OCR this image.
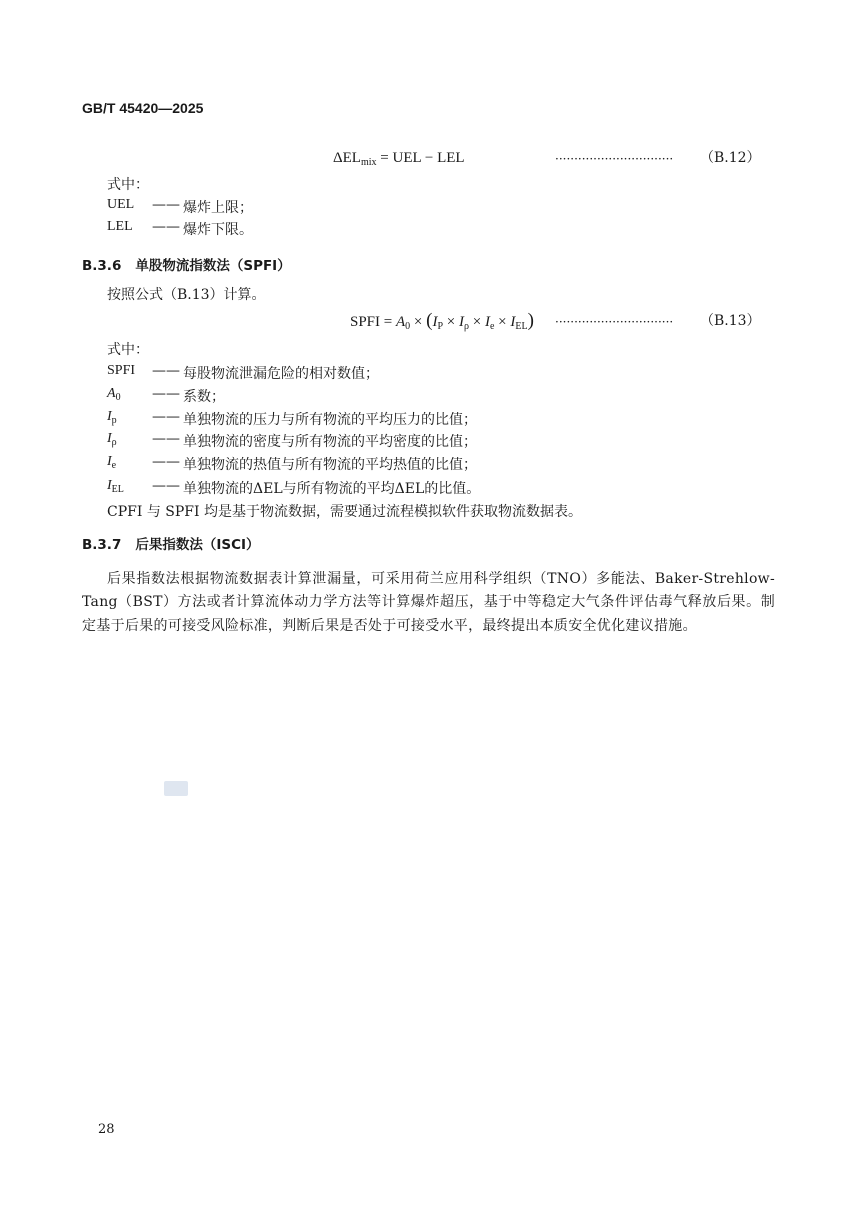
GB/T 45420—2025
$\Delta EL_{mix}$ = UEL − LEL	······························· （B.12）
式中：
UEL	—— 爆炸上限；
LEL	—— 爆炸下限。
B.3.6 单股物流指数法（SPFI）
按照公式（B.13）计算。
SPFI = $A_0 \times (I_P \times I_\rho \times I_e \times I_{EL})$ ······························· （B.13）
式中：
SPFI	—— 每股物流泄漏危险的相对数值；
$A_0$	—— 系数；
$I_p$	—— 单独物流的压力与所有物流的平均压力的比值；
$I_\rho$	—— 单独物流的密度与所有物流的平均密度的比值；
$I_e$	—— 单独物流的热值与所有物流的平均热值的比值；
$I_{EL}$	—— 单独物流的ΔEL与所有物流的平均ΔEL的比值。
CPFI 与 SPFI 均是基于物流数据，需要通过流程模拟软件获取物流数据表。
B.3.7 后果指数法（ISCI）
后果指数法根据物流数据表计算泄漏量，可采用荷兰应用科学组织（TNO）多能法、Baker-Strehlow-Tang（BST）方法或者计算流体动力学方法等计算爆炸超压，基于中等稳定大气条件评估毒气释放后果。制定基于后果的可接受风险标准，判断后果是否处于可接受水平，最终提出本质安全优化建议措施。
28
